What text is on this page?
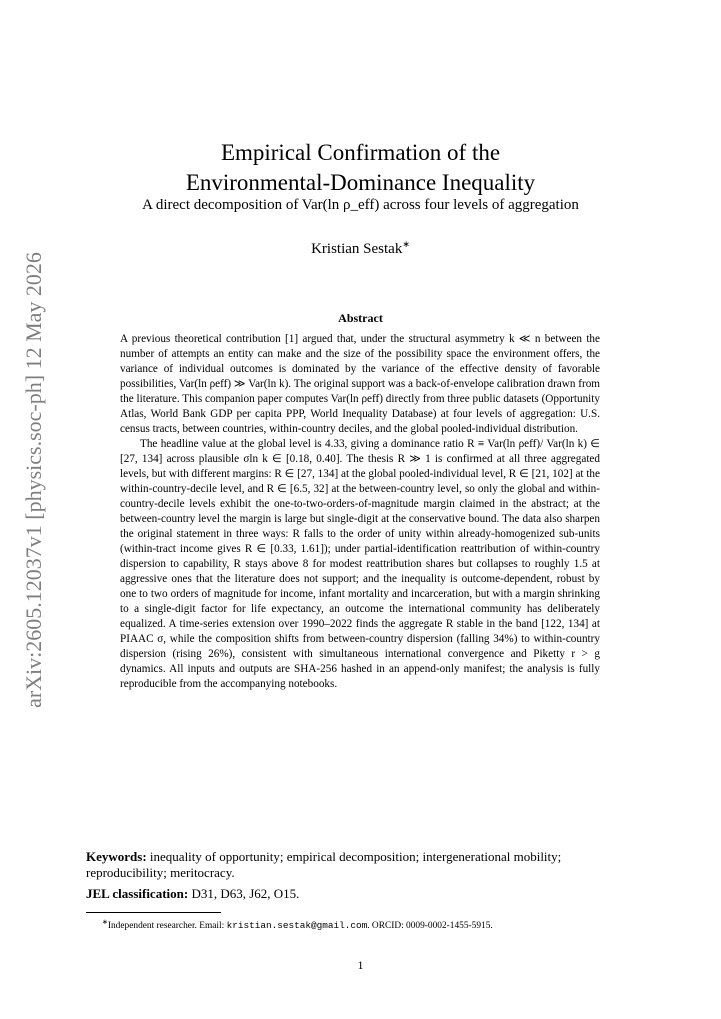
arXiv:2605.12037v1 [physics.soc-ph] 12 May 2026
Empirical Confirmation of the
Environmental-Dominance Inequality
A direct decomposition of Var(ln ρ_eff) across four levels of aggregation
Kristian Sestak∗
Abstract

A previous theoretical contribution [1] argued that, under the structural asymmetry k ≪ n between the number of attempts an entity can make and the size of the possibility space the environment offers, the variance of individual outcomes is dominated by the variance of the effective density of favorable possibilities, Var(ln ρeff) ≫ Var(ln k). The original support was a back-of-envelope calibration drawn from the literature. This companion paper computes Var(ln ρeff) directly from three public datasets (Opportunity Atlas, World Bank GDP per capita PPP, World Inequality Database) at four levels of aggregation: U.S. census tracts, between countries, within-country deciles, and the global pooled-individual distribution.

The headline value at the global level is 4.33, giving a dominance ratio R ≡ Var(ln ρeff)/ Var(ln k) ∈ [27, 134] across plausible σln k ∈ [0.18, 0.40]. The thesis R ≫ 1 is confirmed at all three aggregated levels, but with different margins: R ∈ [27, 134] at the global pooled-individual level, R ∈ [21, 102] at the within-country-decile level, and R ∈ [6.5, 32] at the between-country level, so only the global and within-country-decile levels exhibit the one-to-two-orders-of-magnitude margin claimed in the abstract; at the between-country level the margin is large but single-digit at the conservative bound. The data also sharpen the original statement in three ways: R falls to the order of unity within already-homogenized sub-units (within-tract income gives R ∈ [0.33, 1.61]); under partial-identification reattribution of within-country dispersion to capability, R stays above 8 for modest reattribution shares but collapses to roughly 1.5 at aggressive ones that the literature does not support; and the inequality is outcome-dependent, robust by one to two orders of magnitude for income, infant mortality and incarceration, but with a margin shrinking to a single-digit factor for life expectancy, an outcome the international community has deliberately equalized. A time-series extension over 1990–2022 finds the aggregate R stable in the band [122, 134] at PIAAC σ, while the composition shifts from between-country dispersion (falling 34%) to within-country dispersion (rising 26%), consistent with simultaneous international convergence and Piketty r > g dynamics. All inputs and outputs are SHA-256 hashed in an append-only manifest; the analysis is fully reproducible from the accompanying notebooks.

Keywords: inequality of opportunity; empirical decomposition; intergenerational mobility; reproducibility; meritocracy.

JEL classification: D31, D63, J62, O15.

∗Independent researcher. Email: kristian.sestak@gmail.com. ORCID: 0009-0002-1455-5915.
1
